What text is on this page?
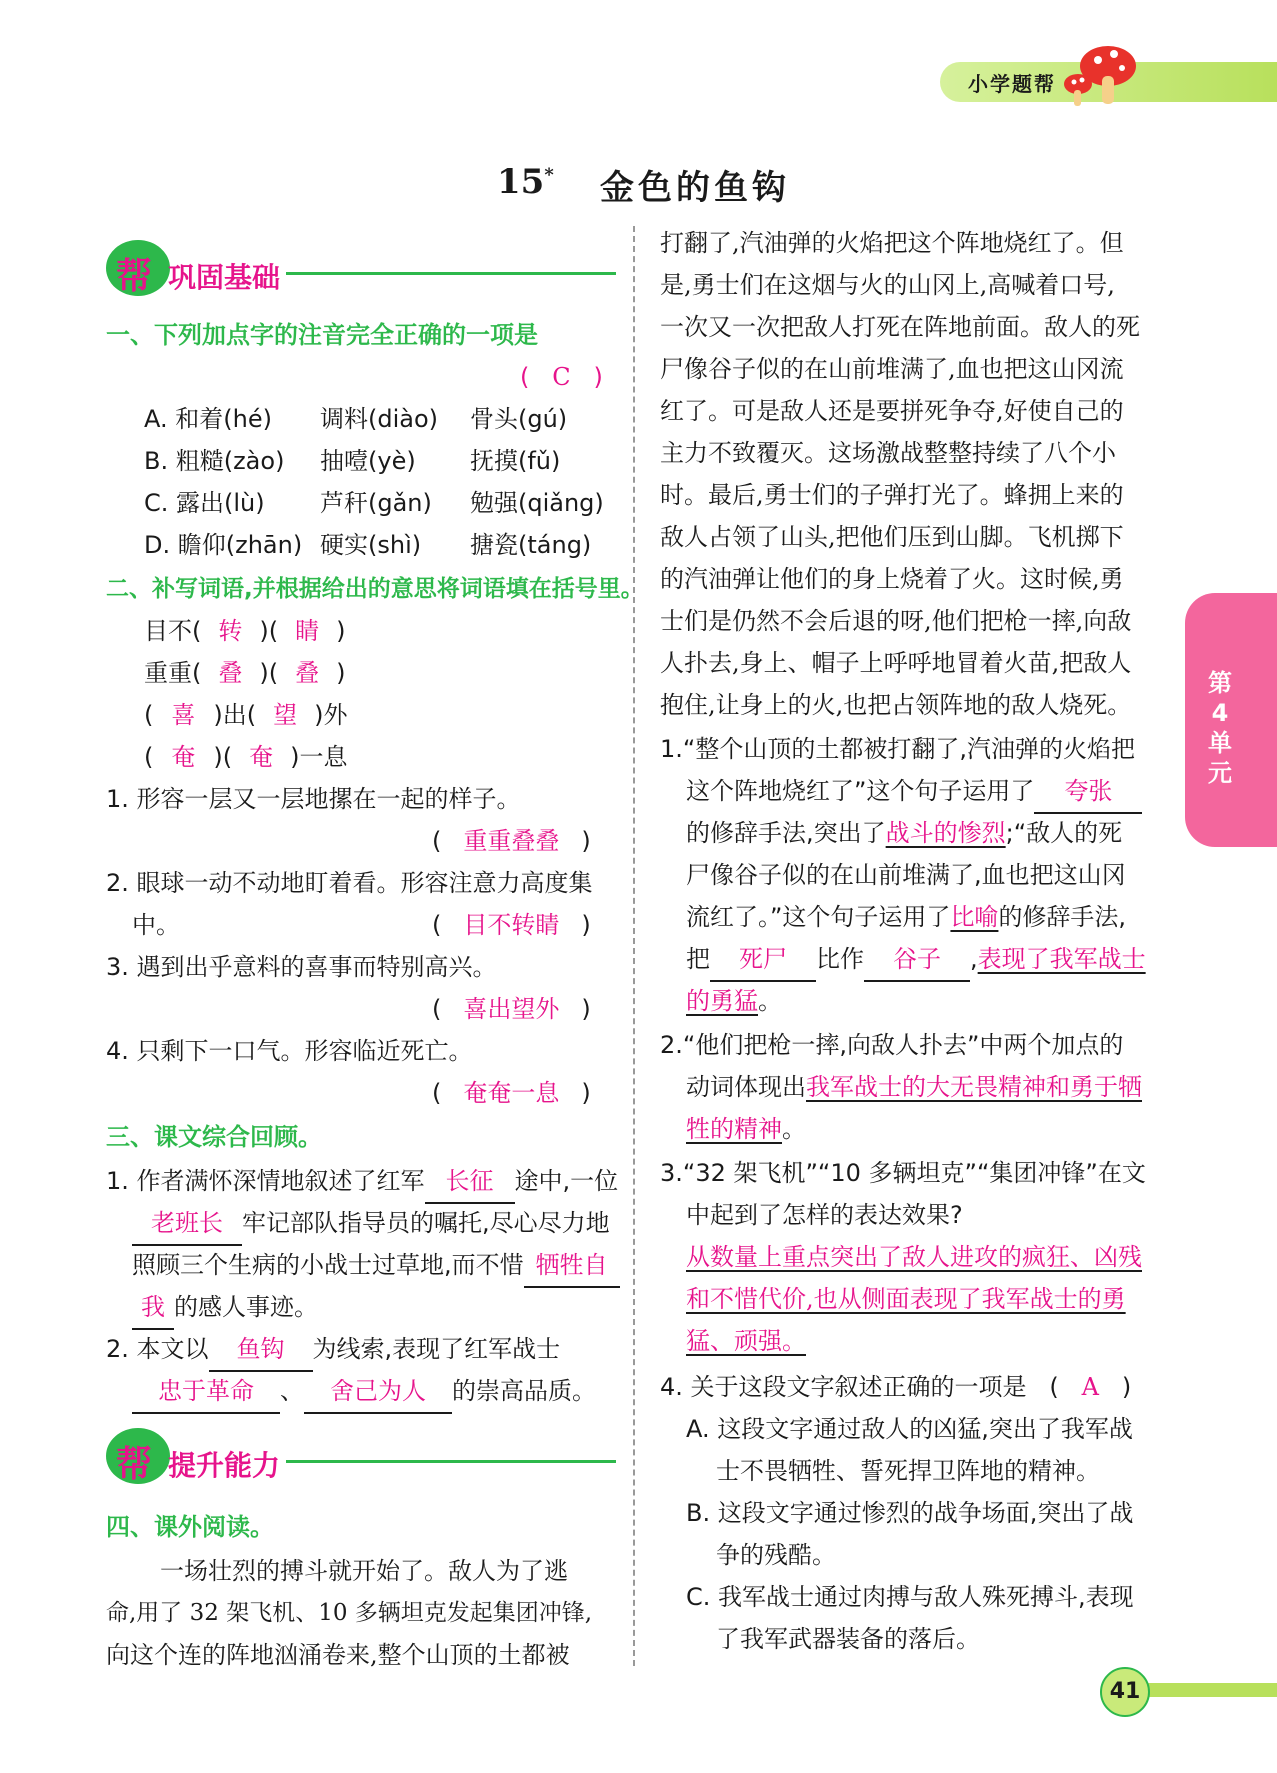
小学题帮
15* 金色的鱼钩
帮 巩固基础
一、下列加点字的注音完全正确的一项是
( C )
A. 和着(hé) 调料(diào) 骨头(gú)
B. 粗糙(zào) 抽噎(yè) 抚摸(fǔ)
C. 露出(lù) 芦秆(gǎn) 勉强(qiǎng)
D. 瞻仰(zhān) 硬实(shì) 搪瓷(táng)
二、补写词语,并根据给出的意思将词语填在括号里。
目不( 转 )( 睛 )
重重( 叠 )( 叠 )
( 喜 )出( 望 )外
( 奄 )( 奄 )一息
1. 形容一层又一层地摞在一起的样子。
( 重重叠叠 )
2. 眼球一动不动地盯着看。形容注意力高度集
中。	( 目不转睛 )
3. 遇到出乎意料的喜事而特别高兴。
( 喜出望外 )
4. 只剩下一口气。形容临近死亡。
( 奄奄一息 )
三、课文综合回顾。
1. 作者满怀深情地叙述了红军 长征 途中,一位
老班长 牢记部队指导员的嘱托,尽心尽力地
照顾三个生病的小战士过草地,而不惜 牺牲自
我 的感人事迹。
2. 本文以 鱼钩 为线索,表现了红军战士
忠于革命 、 舍己为人 的崇高品质。
帮 提升能力
四、课外阅读。
一场壮烈的搏斗就开始了。敌人为了逃
命,用了 32 架飞机、10 多辆坦克发起集团冲锋,
向这个连的阵地汹涌卷来,整个山顶的土都被
打翻了,汽油弹的火焰把这个阵地烧红了。但
是,勇士们在这烟与火的山冈上,高喊着口号,
一次又一次把敌人打死在阵地前面。敌人的死
尸像谷子似的在山前堆满了,血也把这山冈流
红了。可是敌人还是要拼死争夺,好使自己的
主力不致覆灭。这场激战整整持续了八个小
时。最后,勇士们的子弹打光了。蜂拥上来的
敌人占领了山头,把他们压到山脚。飞机掷下
的汽油弹让他们的身上烧着了火。这时候,勇
士们是仍然不会后退的呀,他们把枪一摔,向敌
人扑去,身上、帽子上呼呼地冒着火苗,把敌人
抱住,让身上的火,也把占领阵地的敌人烧死。
1.“整个山顶的土都被打翻了,汽油弹的火焰把
这个阵地烧红了”这个句子运用了 夸张
的修辞手法,突出了战斗的惨烈;“敌人的死
尸像谷子似的在山前堆满了,血也把这山冈
流红了。”这个句子运用了比喻的修辞手法,
把 死尸 比作 谷子 ,表现了我军战士
的勇猛。
2.“他们把枪一摔,向敌人扑去”中两个加点的
动词体现出我军战士的大无畏精神和勇于牺
牲的精神。
3.“32 架飞机”“10 多辆坦克”“集团冲锋”在文
中起到了怎样的表达效果?
从数量上重点突出了敌人进攻的疯狂、凶残
和不惜代价,也从侧面表现了我军战士的勇
猛、顽强。
4. 关于这段文字叙述正确的一项是   (   A   )
A. 这段文字通过敌人的凶猛,突出了我军战
士不畏牺牲、誓死捍卫阵地的精神。
B. 这段文字通过惨烈的战争场面,突出了战
争的残酷。
C. 我军战士通过肉搏与敌人殊死搏斗,表现
了我军武器装备的落后。
第4单元
41
